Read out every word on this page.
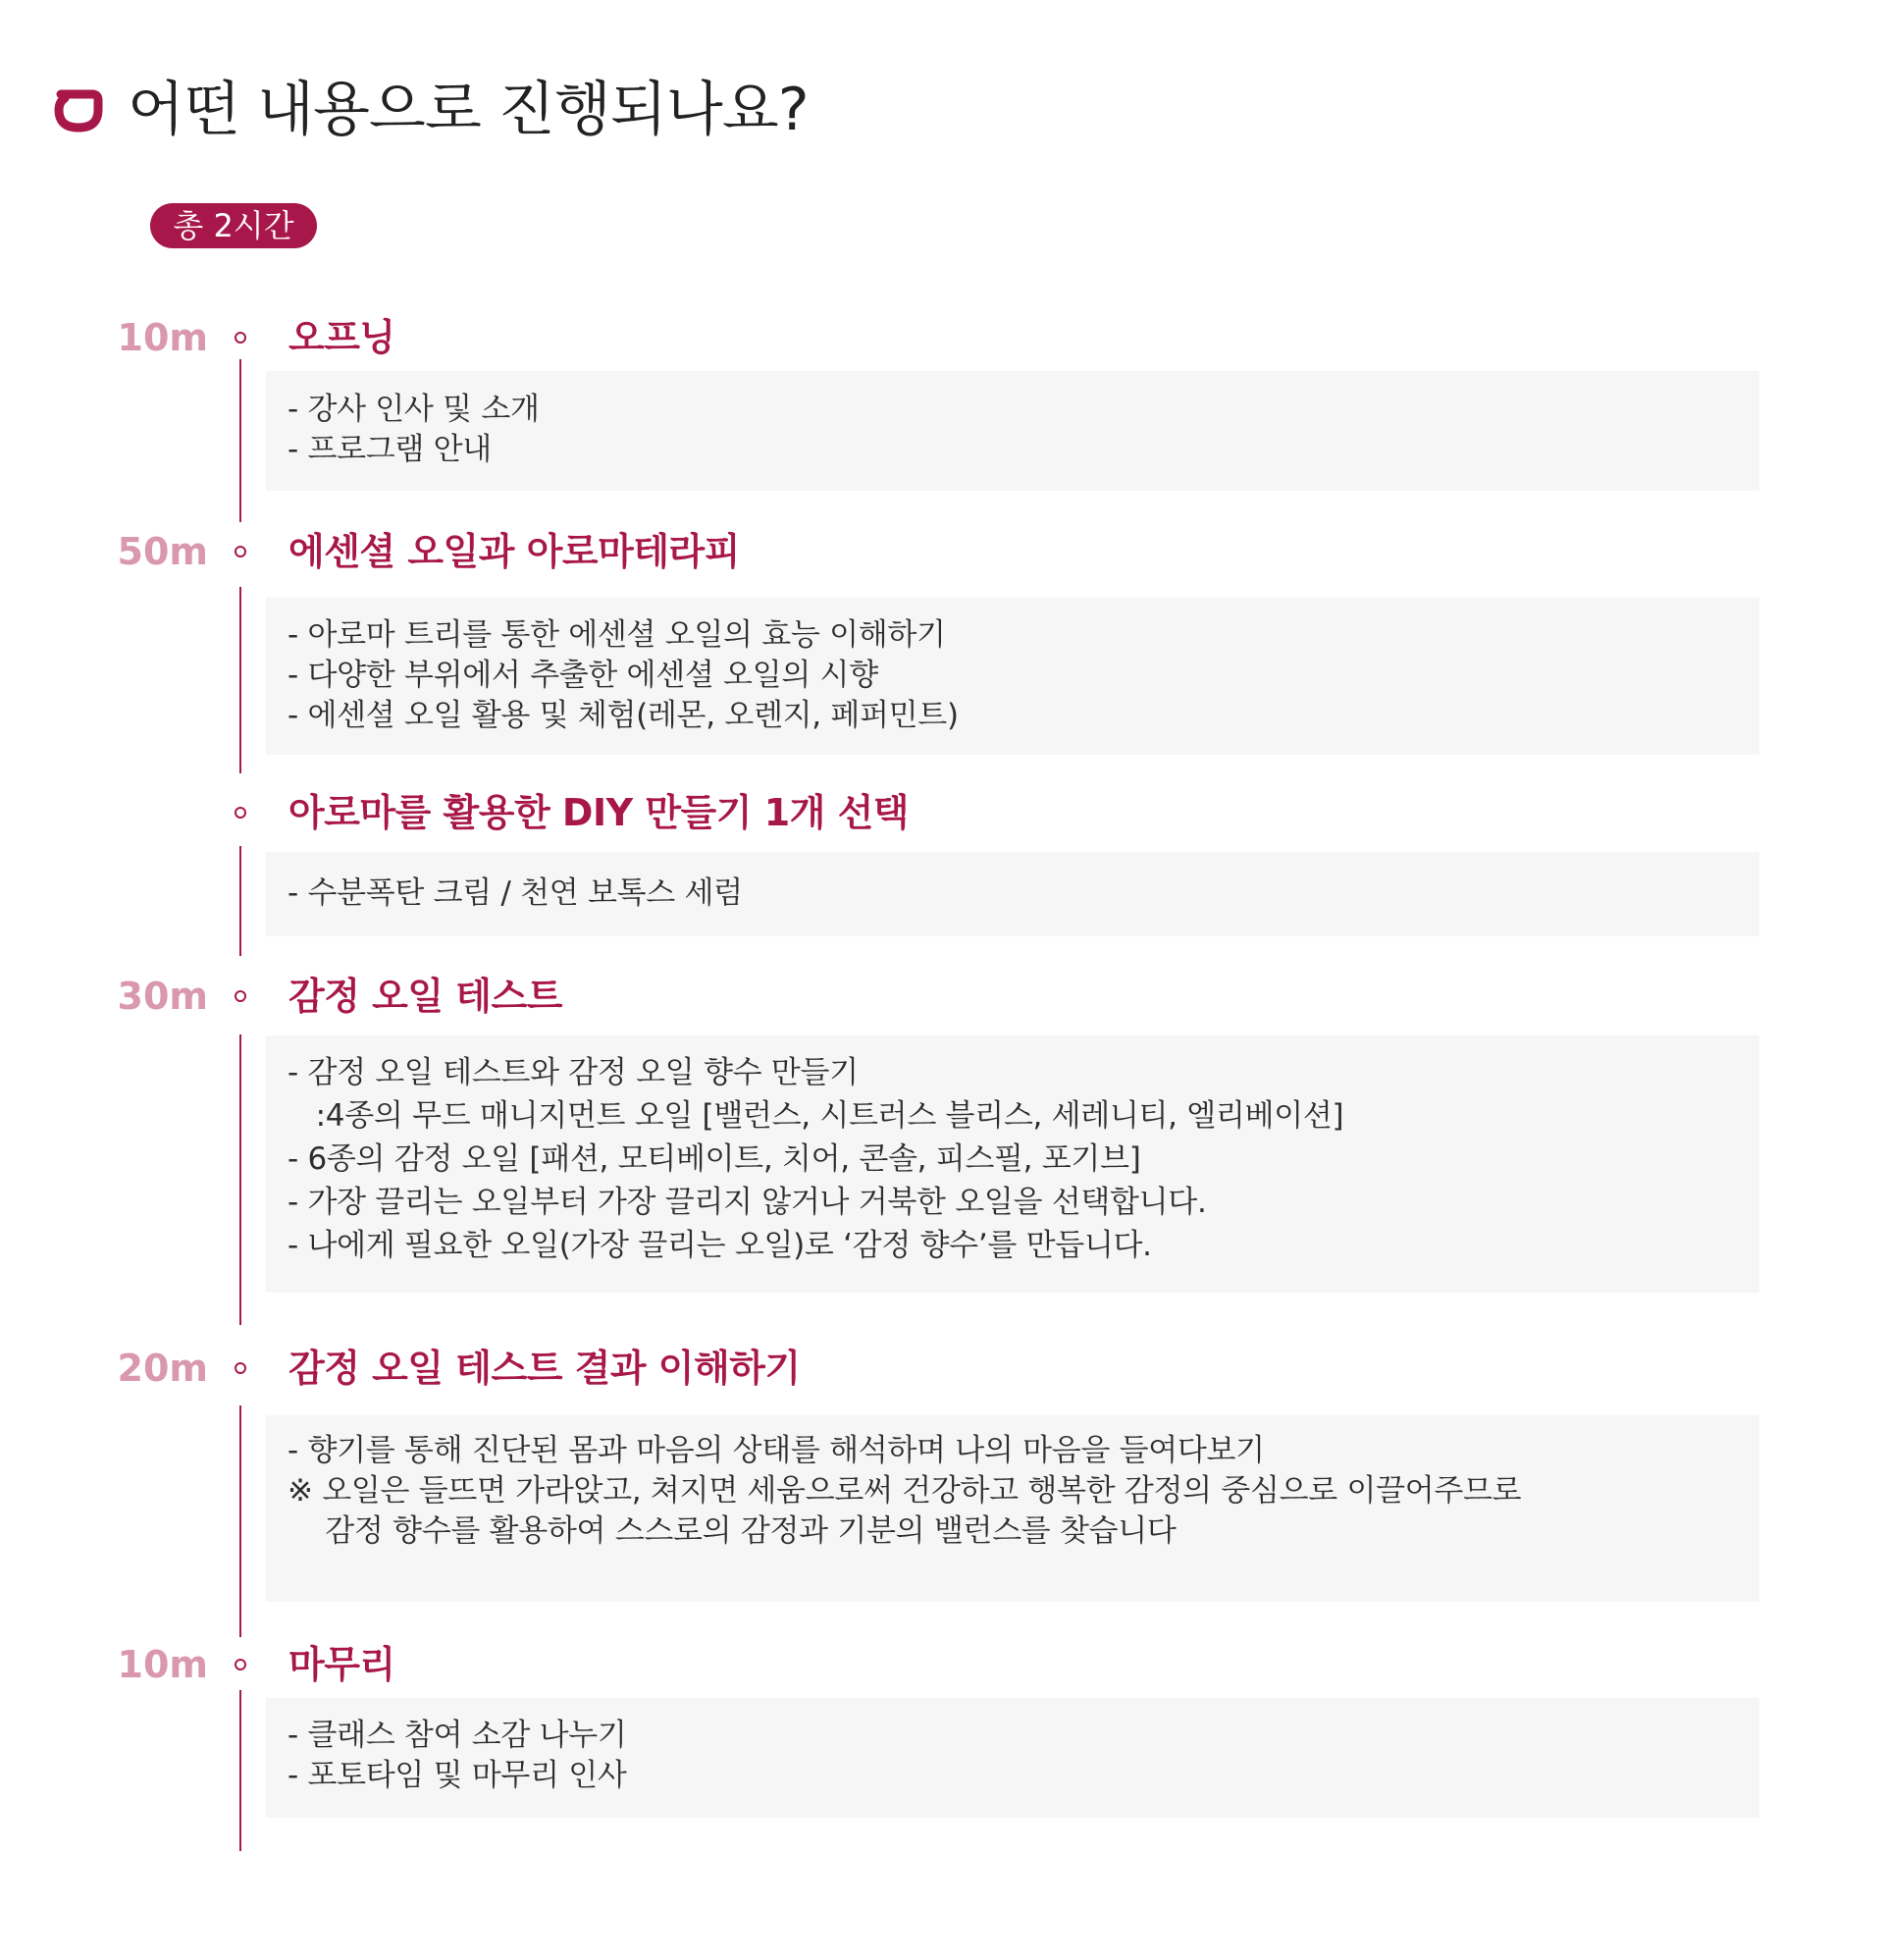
어떤 내용으로 진행되나요?
총 2시간
10m 오프닝
- 강사 인사 및 소개
- 프로그램 안내
50m 에센셜 오일과 아로마테라피
- 아로마 트리를 통한 에센셜 오일의 효능 이해하기
- 다양한 부위에서 추출한 에센셜 오일의 시향
- 에센셜 오일 활용 및 체험(레몬, 오렌지, 페퍼민트)
아로마를 활용한 DIY 만들기 1개 선택
- 수분폭탄 크림 / 천연 보톡스 세럼
30m 감정 오일 테스트
- 감정 오일 테스트와 감정 오일 향수 만들기
:4종의 무드 매니지먼트 오일 [밸런스, 시트러스 블리스, 세레니티, 엘리베이션]
- 6종의 감정 오일 [패션, 모티베이트, 치어, 콘솔, 피스필, 포기브]
- 가장 끌리는 오일부터 가장 끌리지 않거나 거북한 오일을 선택합니다.
- 나에게 필요한 오일(가장 끌리는 오일)로 ‘감정 향수’를 만듭니다.
20m 감정 오일 테스트 결과 이해하기
- 향기를 통해 진단된 몸과 마음의 상태를 해석하며 나의 마음을 들여다보기
※ 오일은 들뜨면 가라앉고, 쳐지면 세움으로써 건강하고 행복한 감정의 중심으로 이끌어주므로
감정 향수를 활용하여 스스로의 감정과 기분의 밸런스를 찾습니다
10m 마무리
- 클래스 참여 소감 나누기
- 포토타임 및 마무리 인사
